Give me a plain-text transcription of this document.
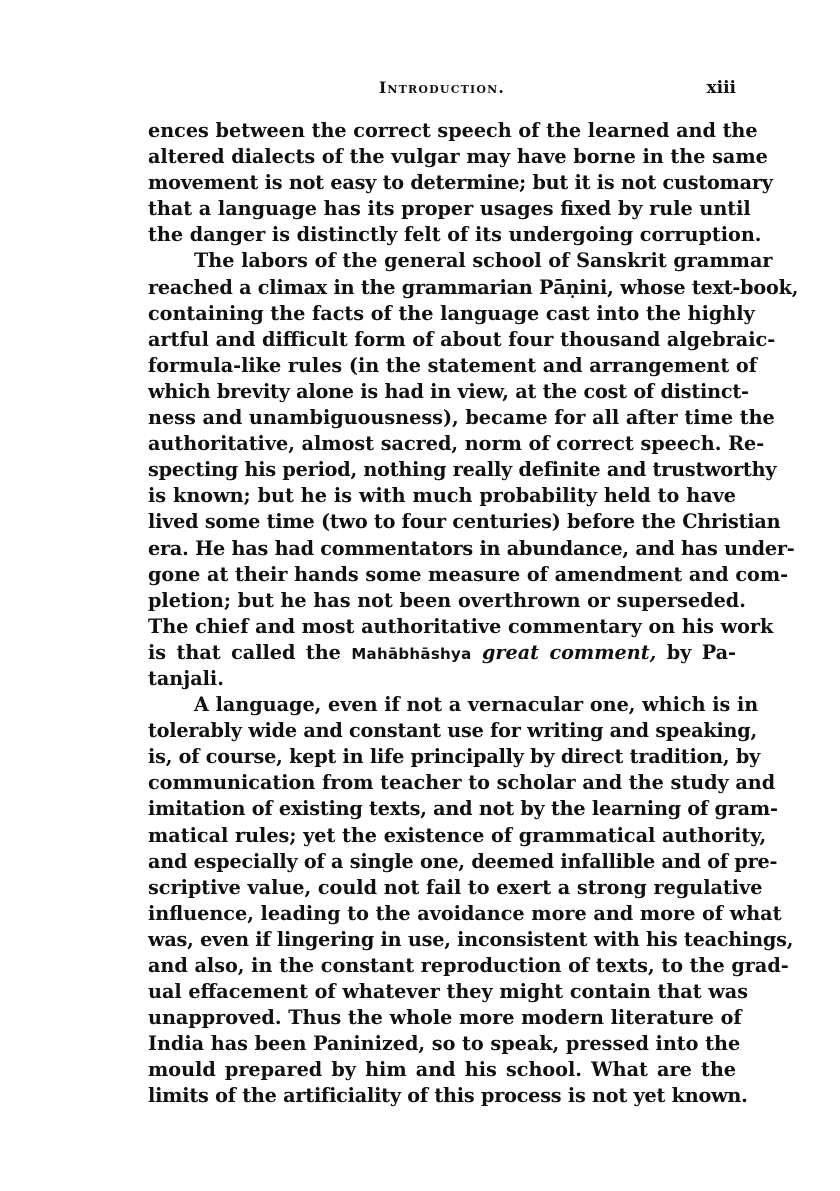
Introduction.	xiii
ences between the correct speech of the learned and the
altered dialects of the vulgar may have borne in the same
movement is not easy to determine; but it is not customary
that a language has its proper usages fixed by rule until
the danger is distinctly felt of its undergoing corruption.
The labors of the general school of Sanskrit grammar
reached a climax in the grammarian Pāṇini, whose text-book,
containing the facts of the language cast into the highly
artful and difficult form of about four thousand algebraic-
formula-like rules (in the statement and arrangement of
which brevity alone is had in view, at the cost of distinct-
ness and unambiguousness), became for all after time the
authoritative, almost sacred, norm of correct speech. Re-
specting his period, nothing really definite and trustworthy
is known; but he is with much probability held to have
lived some time (two to four centuries) before the Christian
era. He has had commentators in abundance, and has under-
gone at their hands some measure of amendment and com-
pletion; but he has not been overthrown or superseded.
The chief and most authoritative commentary on his work
is that called the Mahābhāshya great comment, by Pa-
tanjali.
A language, even if not a vernacular one, which is in
tolerably wide and constant use for writing and speaking,
is, of course, kept in life principally by direct tradition, by
communication from teacher to scholar and the study and
imitation of existing texts, and not by the learning of gram-
matical rules; yet the existence of grammatical authority,
and especially of a single one, deemed infallible and of pre-
scriptive value, could not fail to exert a strong regulative
influence, leading to the avoidance more and more of what
was, even if lingering in use, inconsistent with his teachings,
and also, in the constant reproduction of texts, to the grad-
ual effacement of whatever they might contain that was
unapproved. Thus the whole more modern literature of
India has been Paninized, so to speak, pressed into the
mould prepared by him and his school. What are the
limits of the artificiality of this process is not yet known.
